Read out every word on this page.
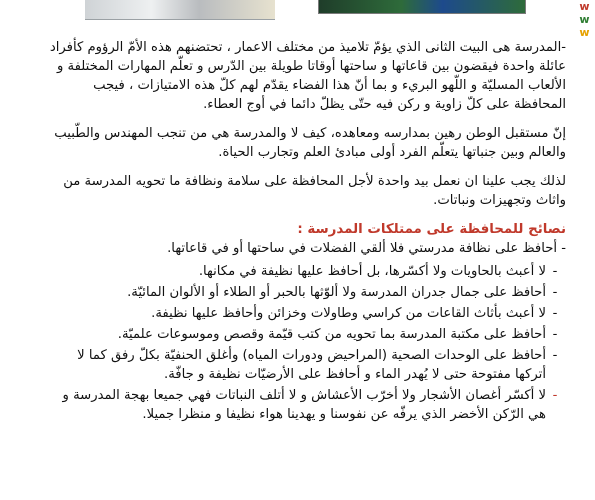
w
w
w

-المدرسة هى البيت الثانى الذي يؤمّ تلاميذ من مختلف الاعمار ، تحتضنهم هذه الأمّ الرؤوم كأفراد عائلة واحدة فيقضون بين قاعاتها و ساحتها أوقاتا طويلة بين الدّرس و تعلّم المهارات المختلفة و الألعاب المسليّة و اللّهو البريء و بما أنّ هذا الفضاء يقدّم لهم كلّ هذه الامتيازات ، فيجب المحافظة على كلّ زاوية و ركن فيه حتّى يظلّ دائما في أوج العطاء.

إنّ مستقبل الوطن رهين بمدارسه ومعاهده، كيف لا والمدرسة هي من تنجب المهندس والطّبيب والعالم وبين جنباتها يتعلّم الفرد أولى مبادئ العلم وتجارب الحياة.

لذلك يجب علينا ان نعمل بيد واحدة لأجل المحافظة على سلامة ونظافة ما تحويه المدرسة من واثاث وتجهيزات ونباتات.

نصائح للمحافظة على ممتلكات المدرسة :

- أحافظ على نظافة مدرستي فلا ألقي الفضلات في ساحتها أو في قاعاتها.

-
لا أعبث بالحاويات ولا أكسّرها، بل أحافظ عليها نظيفة في مكانها.
-
أحافظ على جمال جدران المدرسة ولا ألوّثها بالحبر أو الطلاء أو الألوان المائيّة.
-
لا أعبث بأثاث القاعات من كراسي وطاولات وخزائن وأحافظ عليها نظيفة.
-
أحافظ على مكتبة المدرسة بما تحويه من كتب قيّمة وقصص وموسوعات علميّة.
-
أحافظ على الوحدات الصحية (المراحيض ودورات المياه) وأغلق الحنفيّة بكلّ رفق كما لا أتركها مفتوحة حتى لا يُهدر الماء و أحافظ على الأرضيّات نظيفة و جافّة.
-
لا أكسّر أغصان الأشجار ولا أخرّب الأعشاش و لا أتلف النباتات فهي جميعا بهجة المدرسة و هي الرّكن الأخضر الذي يرفّه عن نفوسنا و يهدينا هواء نظيفا و منظرا جميلا.
